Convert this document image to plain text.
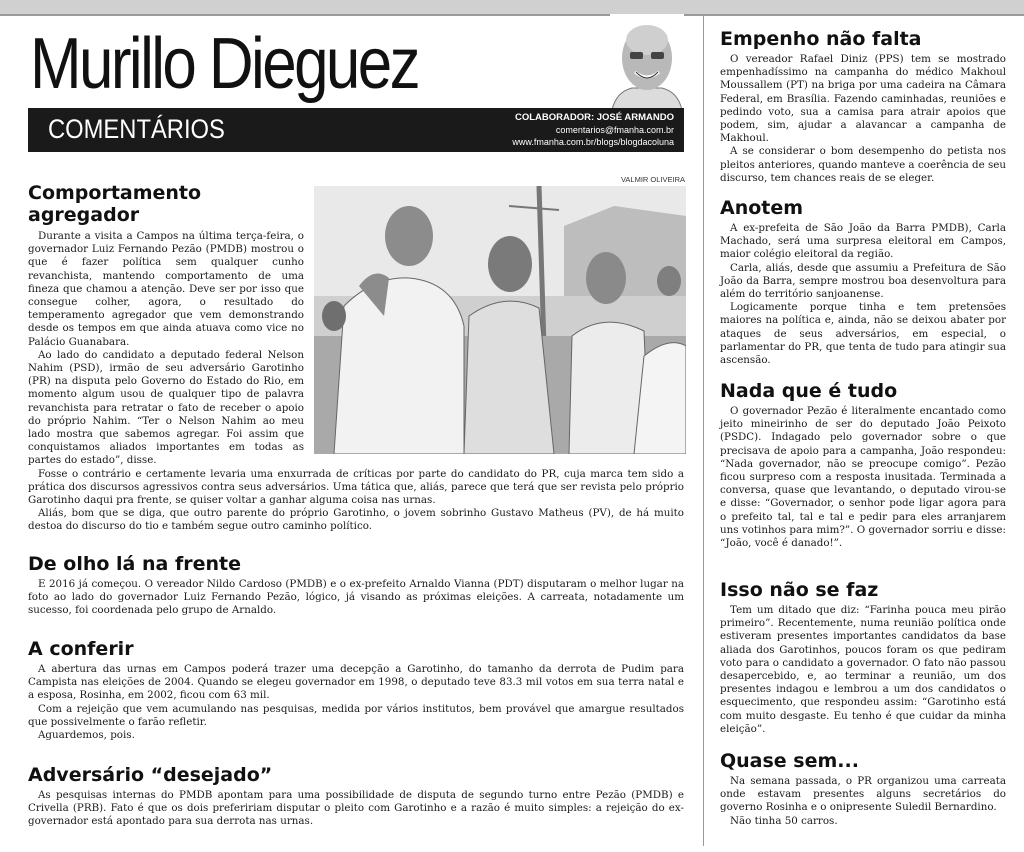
Murillo Dieguez
COMENTÁRIOS	COLABORADOR: JOSÉ ARMANDO
comentarios@fmanha.com.br
www.fmanha.com.br/blogs/blogdacoluna
VALMIR OLIVEIRA
Comportamento agregador

Durante a visita a Campos na última terça-feira, o governador Luiz Fernando Pezão (PMDB) mostrou o que é fazer política sem qualquer cunho revanchista, mantendo comportamento de uma fineza que chamou a atenção. Deve ser por isso que consegue colher, agora, o resultado do temperamento agregador que vem demonstrando desde os tempos em que ainda atuava como vice no Palácio Guanabara.

Ao lado do candidato a deputado federal Nelson Nahim (PSD), irmão de seu adversário Garotinho (PR) na disputa pelo Governo do Estado do Rio, em momento algum usou de qualquer tipo de palavra revanchista para retratar o fato de receber o apoio do próprio Nahim. “Ter o Nelson Nahim ao meu lado mostra que sabemos agregar. Foi assim que conquistamos aliados importantes em todas as partes do estado”, disse.

Fosse o contrário e certamente levaria uma enxurrada de críticas por parte do candidato do PR, cuja marca tem sido a prática dos discursos agressivos contra seus adversários. Uma tática que, aliás, parece que terá que ser revista pelo próprio Garotinho daqui pra frente, se quiser voltar a ganhar alguma coisa nas urnas.

Aliás, bom que se diga, que outro parente do próprio Garotinho, o jovem sobrinho Gustavo Matheus (PV), de há muito destoa do discurso do tio e também segue outro caminho político.

De olho lá na frente

E 2016 já começou. O vereador Nildo Cardoso (PMDB) e o ex-prefeito Arnaldo Vianna (PDT) disputaram o melhor lugar na foto ao lado do governador Luiz Fernando Pezão, lógico, já visando as próximas eleições. A carreata, notadamente um sucesso, foi coordenada pelo grupo de Arnaldo.

A conferir

A abertura das urnas em Campos poderá trazer uma decepção a Garotinho, do tamanho da derrota de Pudim para Campista nas eleições de 2004. Quando se elegeu governador em 1998, o deputado teve 83.3 mil votos em sua terra natal e a esposa, Rosinha, em 2002, ficou com 63 mil.

Com a rejeição que vem acumulando nas pesquisas, medida por vários institutos, bem provável que amargue resultados que possivelmente o farão refletir.

Aguardemos, pois.

Adversário “desejado”

As pesquisas internas do PMDB apontam para uma possibilidade de disputa de segundo turno entre Pezão (PMDB) e Crivella (PRB). Fato é que os dois prefeririam disputar o pleito com Garotinho e a razão é muito simples: a rejeição do ex-governador está apontado para sua derrota nas urnas.

Empenho não falta

O vereador Rafael Diniz (PPS) tem se mostrado empenhadíssimo na campanha do médico Makhoul Moussallem (PT) na briga por uma cadeira na Câmara Federal, em Brasília. Fazendo caminhadas, reuniões e pedindo voto, sua a camisa para atrair apoios que podem, sim, ajudar a alavancar a campanha de Makhoul.

A se considerar o bom desempenho do petista nos pleitos anteriores, quando manteve a coerência de seu discurso, tem chances reais de se eleger.

Anotem

A ex-prefeita de São João da Barra PMDB), Carla Machado, será uma surpresa eleitoral em Campos, maior colégio eleitoral da região.

Carla, aliás, desde que assumiu a Prefeitura de São João da Barra, sempre mostrou boa desenvoltura para além do território sanjoanense.

Logicamente porque tinha e tem pretensões maiores na política e, ainda, não se deixou abater por ataques de seus adversários, em especial, o parlamentar do PR, que tenta de tudo para atingir sua ascensão.

Nada que é tudo

O governador Pezão é literalmente encantado como jeito mineirinho de ser do deputado João Peixoto (PSDC). Indagado pelo governador sobre o que precisava de apoio para a campanha, João respondeu: “Nada governador, não se preocupe comigo”. Pezão ficou surpreso com a resposta inusitada. Terminada a conversa, quase que levantando, o deputado virou-se e disse: “Governador, o senhor pode ligar agora para o prefeito tal, tal e tal e pedir para eles arranjarem uns votinhos para mim?”. O governador sorriu e disse: “João, você é danado!”.

Isso não se faz

Tem um ditado que diz: “Farinha pouca meu pirão primeiro”. Recentemente, numa reunião política onde estiveram presentes importantes candidatos da base aliada dos Garotinhos, poucos foram os que pediram voto para o candidato a governador. O fato não passou desapercebido, e, ao terminar a reunião, um dos presentes indagou e lembrou a um dos candidatos o esquecimento, que respondeu assim: “Garotinho está com muito desgaste. Eu tenho é que cuidar da minha eleição”.

Quase sem...

Na semana passada, o PR organizou uma carreata onde estavam presentes alguns secretários do governo Rosinha e o onipresente Suledil Bernardino.

Não tinha 50 carros.
